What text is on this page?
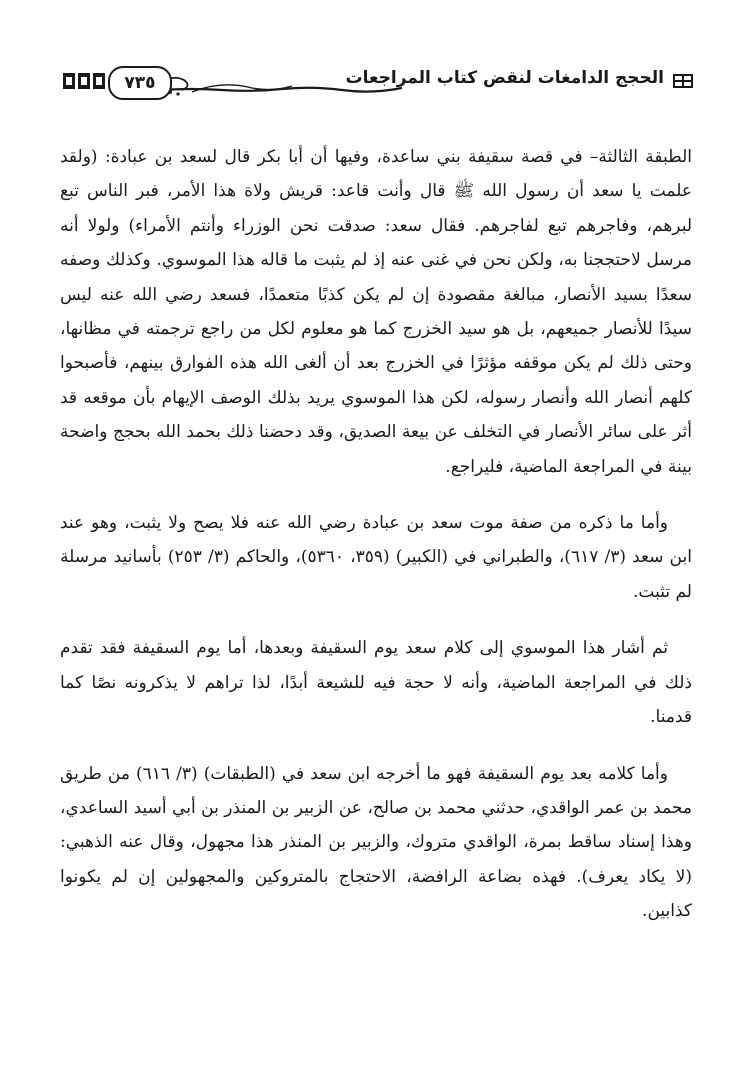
الحجج الدامغات لنقض كتاب المراجعات
٧٣٥

الطبقة الثالثة– في قصة سقيفة بني ساعدة، وفيها أن أبا بكر قال لسعد بن عبادة: (ولقد علمت يا سعد أن رسول الله ﷺ قال وأنت قاعد: قريش ولاة هذا الأمر، فبر الناس تبع لبرهم، وفاجرهم تبع لفاجرهم. فقال سعد: صدقت نحن الوزراء وأنتم الأمراء) ولولا أنه مرسل لاحتججنا به، ولكن نحن في غنى عنه إذ لم يثبت ما قاله هذا الموسوي. وكذلك وصفه سعدًا بسيد الأنصار، مبالغة مقصودة إن لم يكن كذبًا متعمدًا، فسعد رضي الله عنه ليس سيدًا للأنصار جميعهم، بل هو سيد الخزرج كما هو معلوم لكل من راجع ترجمته في مظانها، وحتى ذلك لم يكن موقفه مؤثرًا في الخزرج بعد أن ألغى الله هذه الفوارق بينهم، فأصبحوا كلهم أنصار الله وأنصار رسوله، لكن هذا الموسوي يريد بذلك الوصف الإيهام بأن موقعه قد أثر على سائر الأنصار في التخلف عن بيعة الصديق، وقد دحضنا ذلك بحمد الله بحجج واضحة بينة في المراجعة الماضية، فليراجع.

وأما ما ذكره من صفة موت سعد بن عبادة رضي الله عنه فلا يصح ولا يثبت، وهو عند ابن سعد (٣/ ٦١٧)، والطبراني في (الكبير) (٣٥٩، ٥٣٦٠)، والحاكم (٣/ ٢٥٣) بأسانيد مرسلة لم تثبت.

ثم أشار هذا الموسوي إلى كلام سعد يوم السقيفة وبعدها، أما يوم السقيفة فقد تقدم ذلك في المراجعة الماضية، وأنه لا حجة فيه للشيعة أبدًا، لذا تراهم لا يذكرونه نصًا كما قدمنا.

وأما كلامه بعد يوم السقيفة فهو ما أخرجه ابن سعد في (الطبقات) (٣/ ٦١٦) من طريق محمد بن عمر الواقدي، حدثني محمد بن صالح، عن الزبير بن المنذر بن أبي أسيد الساعدي، وهذا إسناد ساقط بمرة، الواقدي متروك، والزبير بن المنذر هذا مجهول، وقال عنه الذهبي: (لا يكاد يعرف). فهذه بضاعة الرافضة، الاحتجاج بالمتروكين والمجهولين إن لم يكونوا كذابين.
